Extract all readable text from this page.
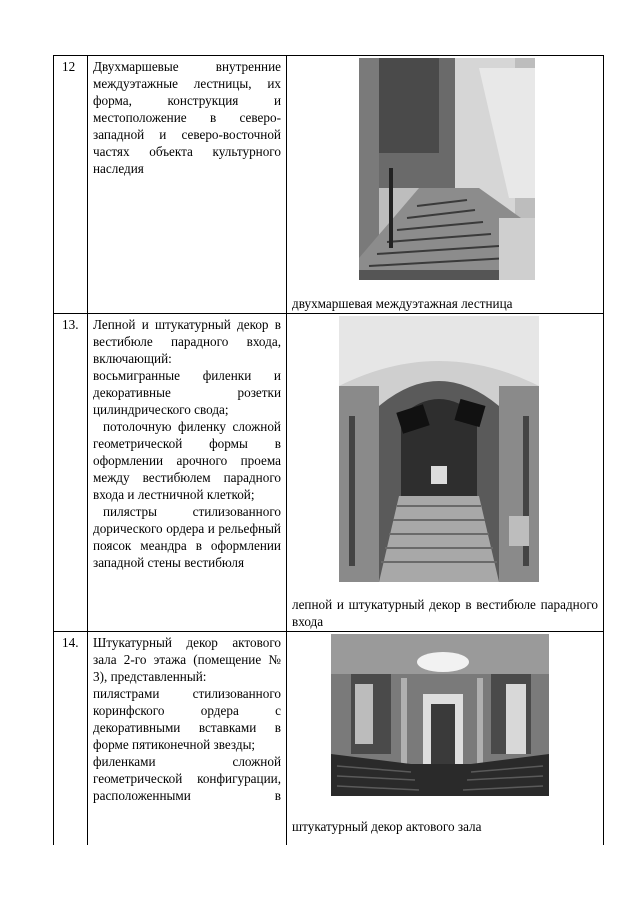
12	Двухмаршевые внутренние междуэтажные лестницы, их форма, конструкция и местоположение в северо-западной и северо-восточной частях объекта культурного наследия	двухмаршевая междуэтажная лестница

13.	Лепной и штукатурный декор в вестибюле парадного входа, включающий:

восьмигранные филенки и декоративные розетки цилиндрического свода;

потолочную филенку сложной геометрической формы в оформлении арочного проема между вестибюлем парадного входа и лестничной клеткой;

пилястры стилизованного дорического ордера и рельефный поясок меандра в оформлении западной стены вестибюля	лепной и штукатурный декор в вестибюле парадного входа

14.	Штукатурный декор актового зала 2-го этажа (помещение № 3), представленный:

пилястрами стилизованного коринфского ордера с декоративными вставками в форме пятиконечной звезды;

филенками сложной геометрической конфигурации, расположенными в	штукатурный декор актового зала
